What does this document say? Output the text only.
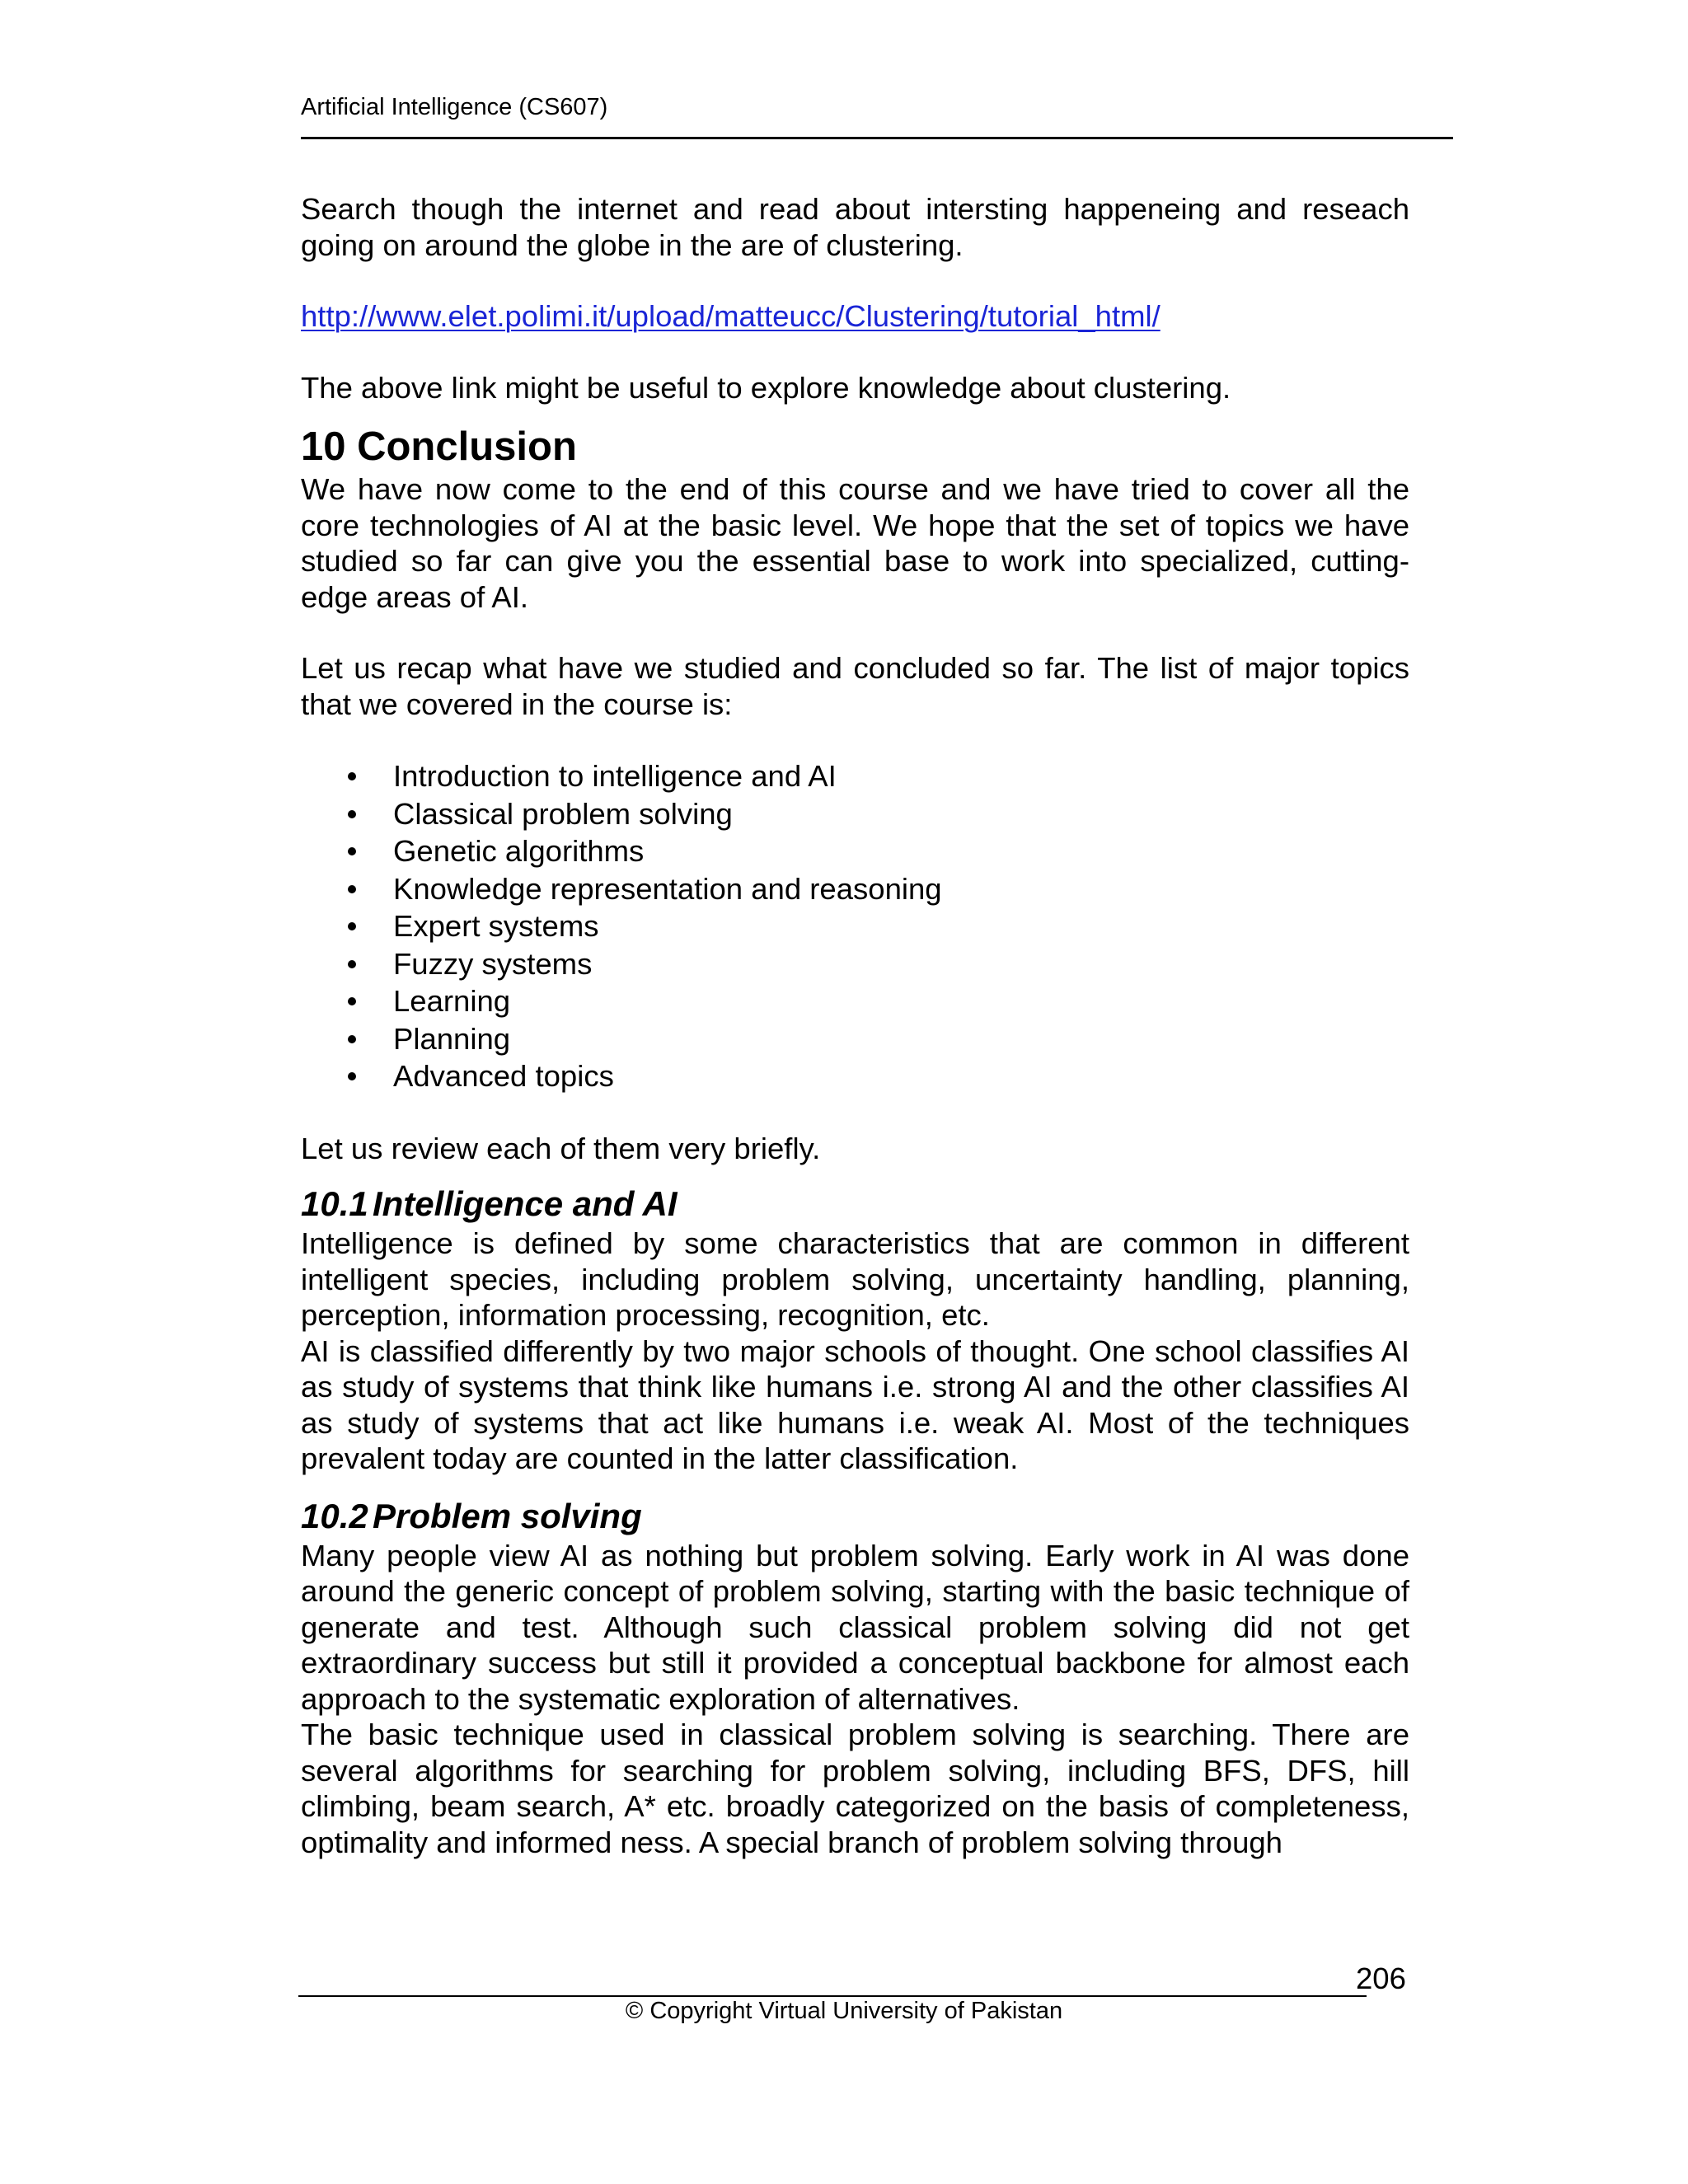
Artificial Intelligence (CS607)

Search though the internet and read about intersting happeneing and reseach going on around the globe in the are of clustering.

http://www.elet.polimi.it/upload/matteucc/Clustering/tutorial_html/

The above link might be useful to explore knowledge about clustering.

10 Conclusion

We have now come to the end of this course and we have tried to cover all the core technologies of AI at the basic level. We hope that the set of topics we have studied so far can give you the essential base to work into specialized, cutting-edge areas of AI.

Let us recap what have we studied and concluded so far. The list of major topics that we covered in the course is:

Introduction to intelligence and AI
Classical problem solving
Genetic algorithms
Knowledge representation and reasoning
Expert systems
Fuzzy systems
Learning
Planning
Advanced topics

Let us review each of them very briefly.

10.1 Intelligence and AI

Intelligence is defined by some characteristics that are common in different intelligent species, including problem solving, uncertainty handling, planning, perception, information processing, recognition, etc.

AI is classified differently by two major schools of thought. One school classifies AI as study of systems that think like humans i.e. strong AI and the other classifies AI as study of systems that act like humans i.e. weak AI. Most of the techniques prevalent today are counted in the latter classification.

10.2 Problem solving

Many people view AI as nothing but problem solving. Early work in AI was done around the generic concept of problem solving, starting with the basic technique of generate and test. Although such classical problem solving did not get extraordinary success but still it provided a conceptual backbone for almost each approach to the systematic exploration of alternatives.

The basic technique used in classical problem solving is searching. There are several algorithms for searching for problem solving, including BFS, DFS, hill climbing, beam search, A* etc. broadly categorized on the basis of completeness, optimality and informed ness. A special branch of problem solving through

206
© Copyright Virtual University of Pakistan
